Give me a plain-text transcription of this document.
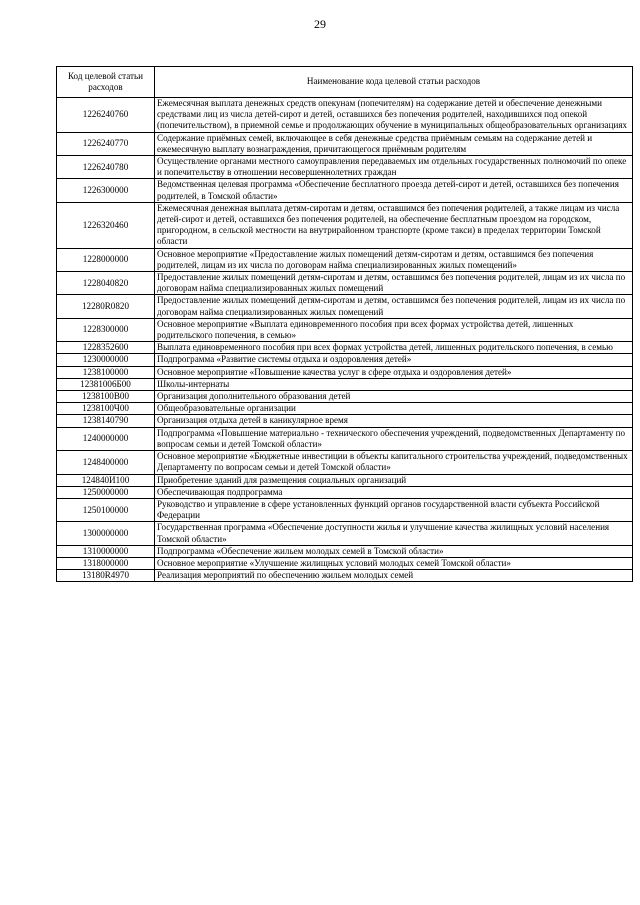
29
Код целевой статьи расходов	Наименование кода целевой статьи расходов
1226240760	Ежемесячная выплата денежных средств опекунам (попечителям) на содержание детей и обеспечение денежными средствами лиц из числа детей-сирот и детей, оставшихся без попечения родителей, находившихся под опекой (попечительством), в приемной семье и продолжающих обучение в муниципальных общеобразовательных организациях
1226240770	Содержание приёмных семей, включающее в себя денежные средства приёмным семьям на содержание детей и ежемесячную выплату вознаграждения, причитающегося приёмным родителям
1226240780	Осуществление органами местного самоуправления передаваемых им отдельных государственных полномочий по опеке и попечительству в отношении несовершеннолетних граждан
1226300000	Ведомственная целевая программа «Обеспечение бесплатного проезда детей-сирот и детей, оставшихся без попечения родителей, в Томской области»
1226320460	Ежемесячная денежная выплата детям-сиротам и детям, оставшимся без попечения родителей, а также лицам из числа детей-сирот и детей, оставшихся без попечения родителей, на обеспечение бесплатным проездом на городском, пригородном, в сельской местности на внутрирайонном транспорте (кроме такси) в пределах территории Томской области
1228000000	Основное мероприятие «Предоставление жилых помещений детям-сиротам и детям, оставшимся без попечения родителей, лицам из их числа по договорам найма специализированных жилых помещений»
1228040820	Предоставление жилых помещений детям-сиротам и детям, оставшимся без попечения родителей, лицам из их числа по договорам найма специализированных жилых помещений
12280R0820	Предоставление жилых помещений детям-сиротам и детям, оставшимся без попечения родителей, лицам из их числа по договорам найма специализированных жилых помещений
1228300000	Основное мероприятие «Выплата единовременного пособия при всех формах устройства детей, лишенных родительского попечения, в семью»
1228352600	Выплата единовременного пособия при всех формах устройства детей, лишенных родительского попечения, в семью
1230000000	Подпрограмма «Развитие системы отдыха и оздоровления детей»
1238100000	Основное мероприятие «Повышение качества услуг в сфере отдыха и оздоровления детей»
12381006Б00	Школы-интернаты
1238100В00	Организация дополнительного образования детей
1238100Ч00	Общеобразовательные организации
1238140790	Организация отдыха детей в каникулярное время
1240000000	Подпрограмма «Повышение материально - технического обеспечения учреждений, подведомственных Департаменту по вопросам семьи и детей Томской области»
1248400000	Основное мероприятие «Бюджетные инвестиции в объекты капитального строительства учреждений, подведомственных Департаменту по вопросам семьи и детей Томской области»
124840И100	Приобретение зданий для размещения социальных организаций
1250000000	Обеспечивающая подпрограмма
1250100000	Руководство и управление в сфере установленных функций органов государственной власти субъекта Российской Федерации
1300000000	Государственная программа «Обеспечение доступности жилья и улучшение качества жилищных условий населения Томской области»
1310000000	Подпрограмма «Обеспечение жильем молодых семей в Томской области»
1318000000	Основное мероприятие «Улучшение жилищных условий молодых семей Томской области»
13180R4970	Реализация мероприятий по обеспечению жильем молодых семей
